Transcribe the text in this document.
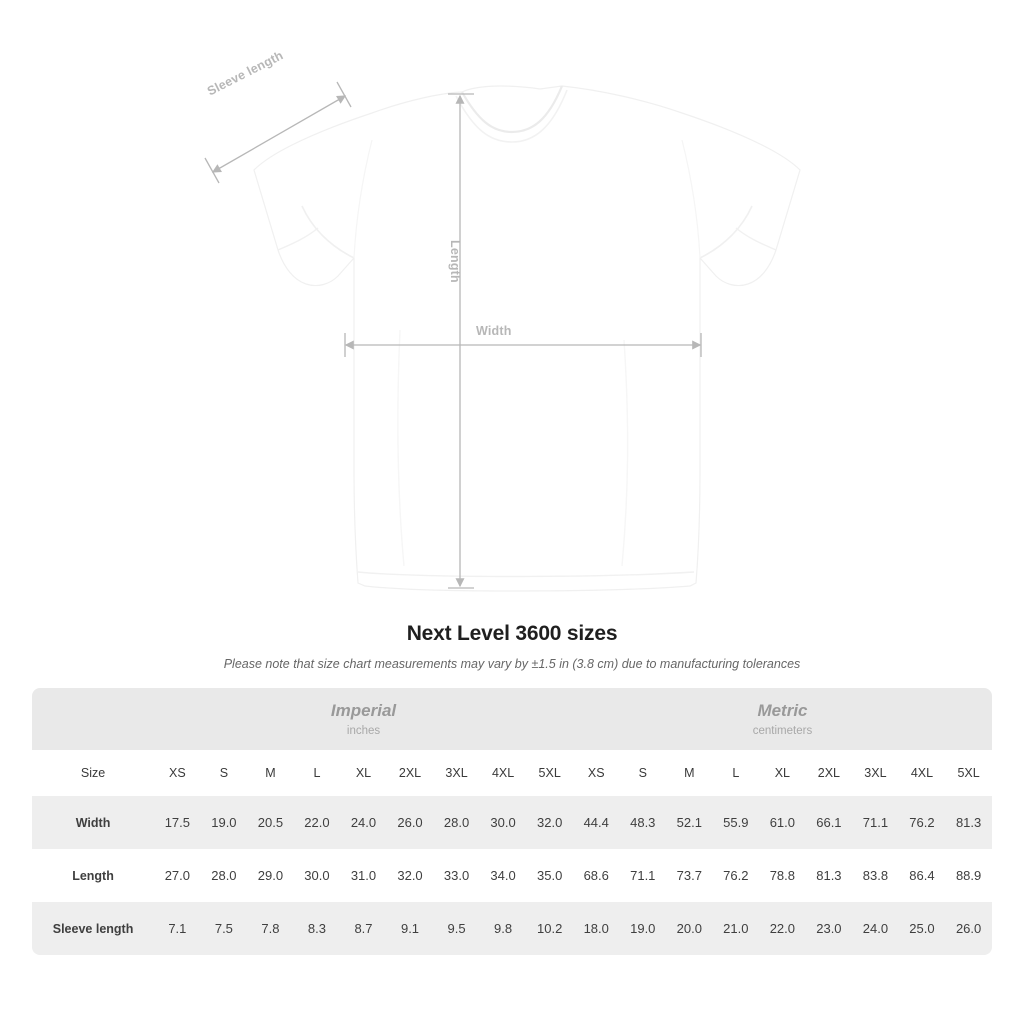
Sleeve length
Length
Width
Next Level 3600 sizes
Please note that size chart measurements may vary by ±1.5 in (3.8 cm) due to manufacturing tolerances

	Imperial
inches									Metric
centimeters								

Size	XS	S	M	L	XL	2XL	3XL	4XL	5XL	XS	S	M	L	XL	2XL	3XL	4XL	5XL
Width	17.5	19.0	20.5	22.0	24.0	26.0	28.0	30.0	32.0	44.4	48.3	52.1	55.9	61.0	66.1	71.1	76.2	81.3
Length	27.0	28.0	29.0	30.0	31.0	32.0	33.0	34.0	35.0	68.6	71.1	73.7	76.2	78.8	81.3	83.8	86.4	88.9
Sleeve length	7.1	7.5	7.8	8.3	8.7	9.1	9.5	9.8	10.2	18.0	19.0	20.0	21.0	22.0	23.0	24.0	25.0	26.0
